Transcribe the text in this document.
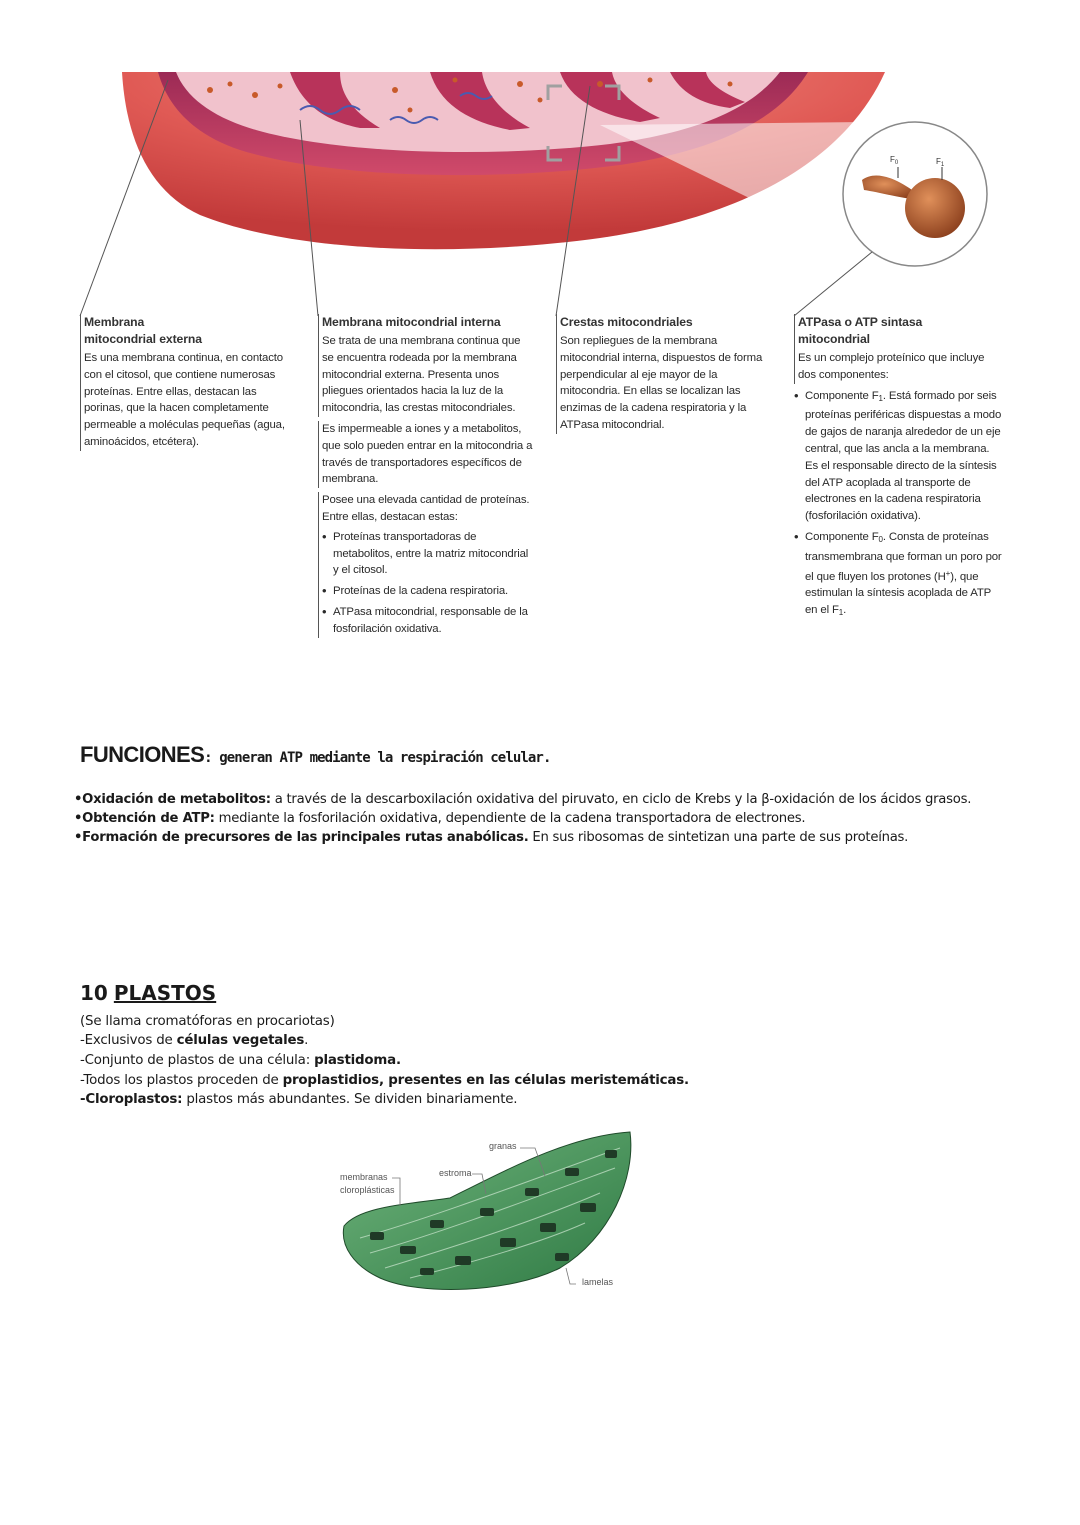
$F_0$	$F_1$
Membrana
mitocondrial externa

Es una membrana continua, en contacto con el citosol, que contiene numerosas proteínas. Entre ellas, destacan las porinas, que la hacen completamente permeable a moléculas pequeñas (agua, aminoácidos, etcétera).

Membrana mitocondrial interna

Se trata de una membrana continua que se encuentra rodeada por la membrana mitocondrial externa. Presenta unos pliegues orientados hacia la luz de la mitocondria, las crestas mitocondriales.

Es impermeable a iones y a metabolitos, que solo pueden entrar en la mitocondria a través de transportadores específicos de membrana.

Posee una elevada cantidad de proteínas. Entre ellas, destacan estas:

• Proteínas transportadoras de metabolitos, entre la matriz mitocondrial y el citosol.
• Proteínas de la cadena respiratoria.
• ATPasa mitocondrial, responsable de la fosforilación oxidativa.
Crestas mitocondriales

Son repliegues de la membrana mitocondrial interna, dispuestos de forma perpendicular al eje mayor de la mitocondria. En ellas se localizan las enzimas de la cadena respiratoria y la ATPasa mitocondrial.

ATPasa o ATP sintasa
mitocondrial

Es un complejo proteínico que incluye dos componentes:

• Componente $F_1$. Está formado por seis proteínas periféricas dispuestas a modo de gajos de naranja alrededor de un eje central, que las ancla a la membrana.
Es el responsable directo de la síntesis del ATP acoplada al transporte de electrones en la cadena respiratoria (fosforilación oxidativa).
• Componente $F_0$. Consta de proteínas transmembrana que forman un poro por el que fluyen los protones (H+), que estimulan la síntesis acoplada de ATP en el $F_1$.
FUNCIONES: generan ATP mediante la respiración celular.
•Oxidación de metabolitos: a través de la descarboxilación oxidativa del piruvato, en ciclo de Krebs y la β-oxidación de los ácidos grasos.
•Obtención de ATP: mediante la fosforilación oxidativa, dependiente de la cadena transportadora de electrones.
•Formación de precursores de las principales rutas anabólicas. En sus ribosomas de sintetizan una parte de sus proteínas.
10 PLASTOS
(Se llama cromatóforas en procariotas)
-Exclusivos de células vegetales.
-Conjunto de plastos de una célula: plastidoma.
-Todos los plastos proceden de proplastidios, presentes en las células meristemáticas.
-Cloroplastos: plastos más abundantes. Se dividen binariamente.
membranas
cloroplásticas
estroma
granas
lamelas
